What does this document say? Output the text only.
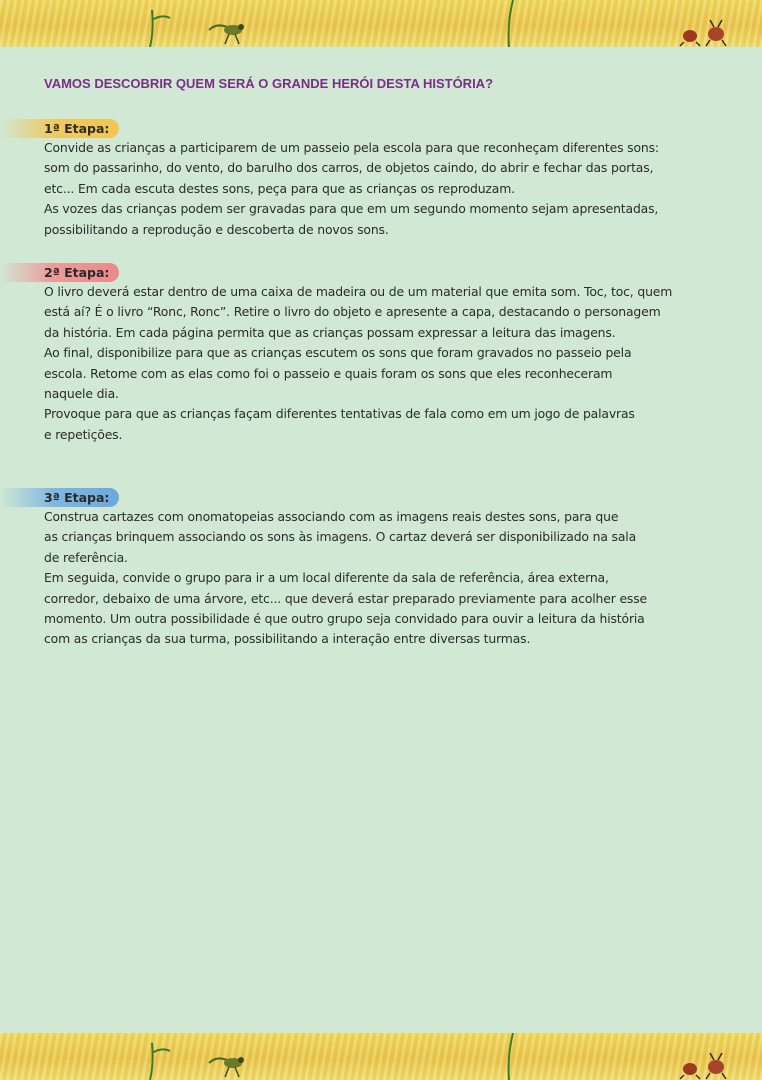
VAMOS DESCOBRIR QUEM SERÁ O GRANDE HERÓI DESTA HISTÓRIA?
1ª Etapa:

Convide as crianças a participarem de um passeio pela escola para que reconheçam diferentes sons:
som do passarinho, do vento, do barulho dos carros, de objetos caindo, do abrir e fechar das portas,
etc... Em cada escuta destes sons, peça para que as crianças os reproduzam.
As vozes das crianças podem ser gravadas para que em um segundo momento sejam apresentadas,
possibilitando a reprodução e descoberta de novos sons.

2ª Etapa:

O livro deverá estar dentro de uma caixa de madeira ou de um material que emita som. Toc, toc, quem
está aí? É o livro “Ronc, Ronc”. Retire o livro do objeto e apresente a capa, destacando o personagem
da história. Em cada página permita que as crianças possam expressar a leitura das imagens.
Ao final, disponibilize para que as crianças escutem os sons que foram gravados no passeio pela
escola. Retome com as elas como foi o passeio e quais foram os sons que eles reconheceram
naquele dia.
Provoque para que as crianças façam diferentes tentativas de fala como em um jogo de palavras
e repetições.

3ª Etapa:

Construa cartazes com onomatopeias associando com as imagens reais destes sons, para que
as crianças brinquem associando os sons às imagens. O cartaz deverá ser disponibilizado na sala
de referência.
Em seguida, convide o grupo para ir a um local diferente da sala de referência, área externa,
corredor, debaixo de uma árvore, etc... que deverá estar preparado previamente para acolher esse
momento. Um outra possibilidade é que outro grupo seja convidado para ouvir a leitura da história
com as crianças da sua turma, possibilitando a interação entre diversas turmas.
